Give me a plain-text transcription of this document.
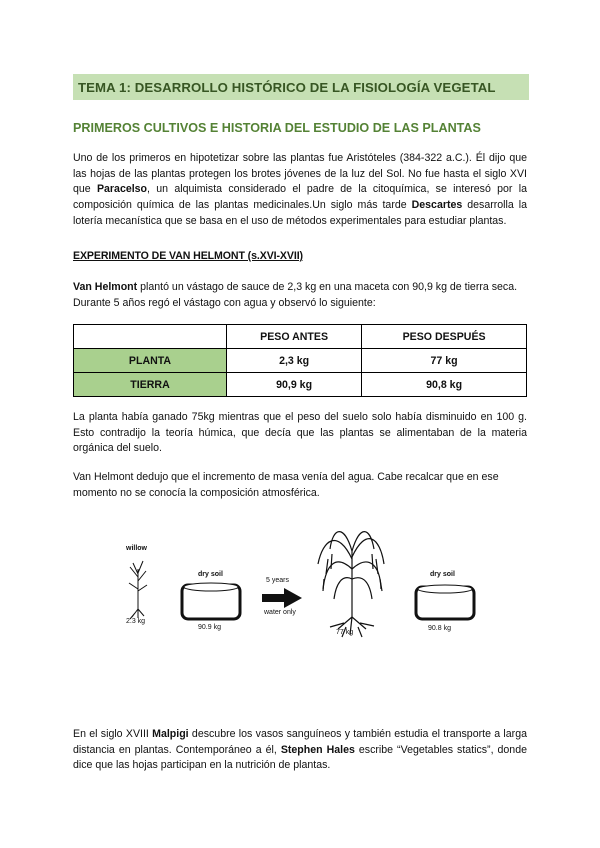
TEMA 1: DESARROLLO HISTÓRICO DE LA FISIOLOGÍA VEGETAL
PRIMEROS CULTIVOS E HISTORIA DEL ESTUDIO DE LAS PLANTAS

Uno de los primeros en hipotetizar sobre las plantas fue Aristóteles (384-322 a.C.). Él dijo que las hojas de las plantas protegen los brotes jóvenes de la luz del Sol. No fue hasta el siglo XVI que Paracelso, un alquimista considerado el padre de la citoquímica, se interesó por la composición química de las plantas medicinales.Un siglo más tarde Descartes desarrolla la lotería mecanística que se basa en el uso de métodos experimentales para estudiar plantas.

EXPERIMENTO DE VAN HELMONT (s.XVI-XVII)

Van Helmont plantó un vástago de sauce de 2,3 kg en una maceta con 90,9 kg de tierra seca. Durante 5 años regó el vástago con agua y observó lo siguiente:

	PESO ANTES	PESO DESPUÉS
PLANTA	2,3 kg	77 kg
TIERRA	90,9 kg	90,8 kg

La planta había ganado 75kg mientras que el peso del suelo solo había disminuido en 100 g. Esto contradijo la teoría húmica, que decía que las plantas se alimentaban de la materia orgánica del suelo.

Van Helmont dedujo que el incremento de masa venía del agua. Cabe recalcar que en ese momento no se conocía la composición atmosférica.

willow
2.3 kg
dry soil
90.9 kg
5 years
water only
77 kg
dry soil
90.8 kg

En el siglo XVIII Malpigi descubre los vasos sanguíneos y también estudia el transporte a larga distancia en plantas. Contemporáneo a él, Stephen Hales escribe “Vegetables statics”, donde dice que las hojas participan en la nutrición de plantas.
